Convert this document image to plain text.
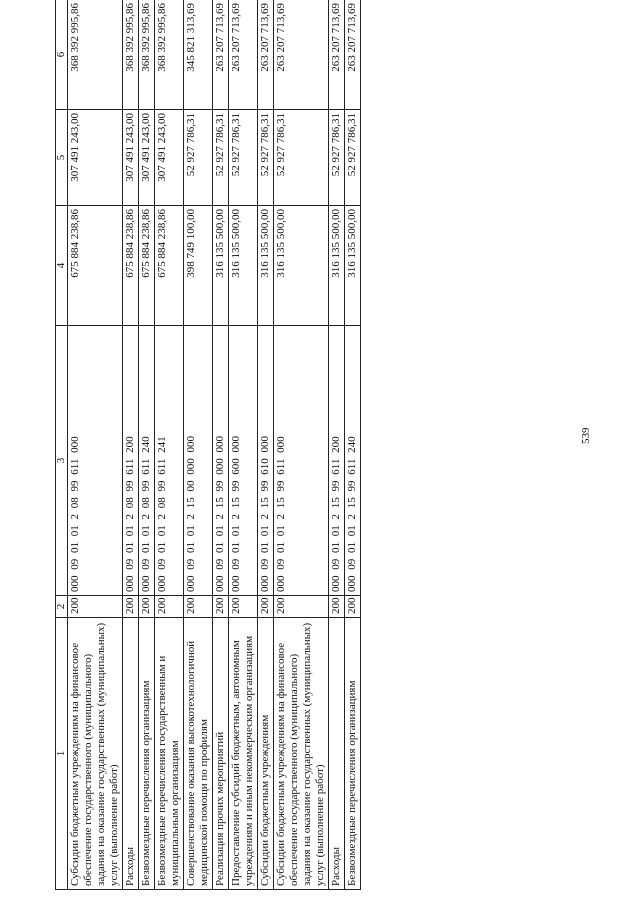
539
1	2	3	4	5	6
Субсидии бюджетным учреждениям на финансовое обеспечение государственного (муниципального) задания на оказание государственных (муниципальных) услуг (выполнение работ)	200	000 09 01 01 2 08 99 611 000	675 884 238,86	307 491 243,00	368 392 995,86
Расходы	200	000 09 01 01 2 08 99 611 200	675 884 238,86	307 491 243,00	368 392 995,86
Безвозмездные перечисления организациям	200	000 09 01 01 2 08 99 611 240	675 884 238,86	307 491 243,00	368 392 995,86
Безвозмездные перечисления государственным и муниципальным организациям	200	000 09 01 01 2 08 99 611 241	675 884 238,86	307 491 243,00	368 392 995,86
Совершенствование оказания высокотехнологичной медицинской помощи по профилям	200	000 09 01 01 2 15 00 000 000	398 749 100,00	52 927 786,31	345 821 313,69
Реализация прочих мероприятий	200	000 09 01 01 2 15 99 000 000	316 135 500,00	52 927 786,31	263 207 713,69
Предоставление субсидий бюджетным, автономным учреждениям и иным некоммерческим организациям	200	000 09 01 01 2 15 99 600 000	316 135 500,00	52 927 786,31	263 207 713,69
Субсидии бюджетным учреждениям	200	000 09 01 01 2 15 99 610 000	316 135 500,00	52 927 786,31	263 207 713,69
Субсидии бюджетным учреждениям на финансовое обеспечение государственного (муниципального) задания на оказание государственных (муниципальных) услуг (выполнение работ)	200	000 09 01 01 2 15 99 611 000	316 135 500,00	52 927 786,31	263 207 713,69
Расходы	200	000 09 01 01 2 15 99 611 200	316 135 500,00	52 927 786,31	263 207 713,69
Безвозмездные перечисления организациям	200	000 09 01 01 2 15 99 611 240	316 135 500,00	52 927 786,31	263 207 713,69
